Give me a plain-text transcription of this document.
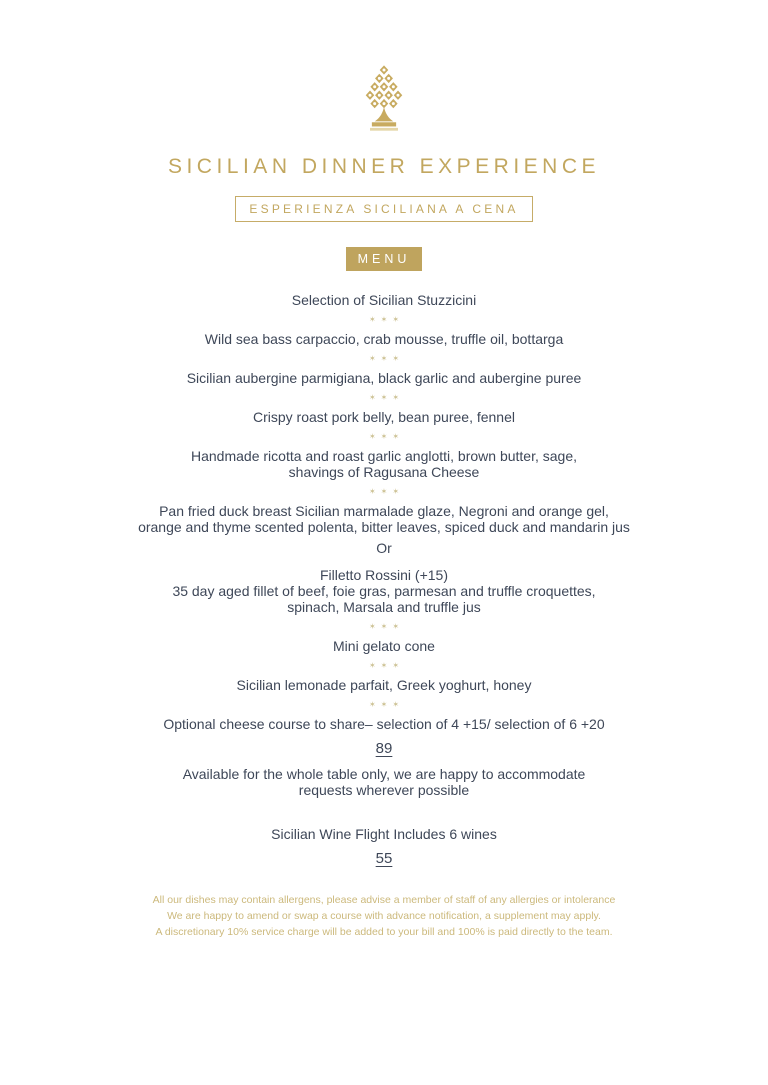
SICILIAN DINNER EXPERIENCE
ESPERIENZA SICILIANA A CENA
MENU
Selection of Sicilian Stuzzicini
✶✶✶
Wild sea bass carpaccio, crab mousse, truffle oil, bottarga
✶✶✶
Sicilian aubergine parmigiana, black garlic and aubergine puree
✶✶✶
Crispy roast pork belly, bean puree, fennel
✶✶✶
Handmade ricotta and roast garlic anglotti, brown butter, sage,
shavings of Ragusana Cheese
✶✶✶
Pan fried duck breast Sicilian marmalade glaze, Negroni and orange gel,
orange and thyme scented polenta, bitter leaves, spiced duck and mandarin jus
Or
Filletto Rossini (+15)
35 day aged fillet of beef, foie gras, parmesan and truffle croquettes,
spinach, Marsala and truffle jus
✶✶✶
Mini gelato cone
✶✶✶
Sicilian lemonade parfait, Greek yoghurt, honey
✶✶✶
Optional cheese course to share– selection of 4 +15/ selection of 6 +20
89
Available for the whole table only, we are happy to accommodate
requests wherever possible
Sicilian Wine Flight Includes 6 wines
55
All our dishes may contain allergens, please advise a member of staff of any allergies or intolerance
We are happy to amend or swap a course with advance notification, a supplement may apply.
A discretionary 10% service charge will be added to your bill and 100% is paid directly to the team.
